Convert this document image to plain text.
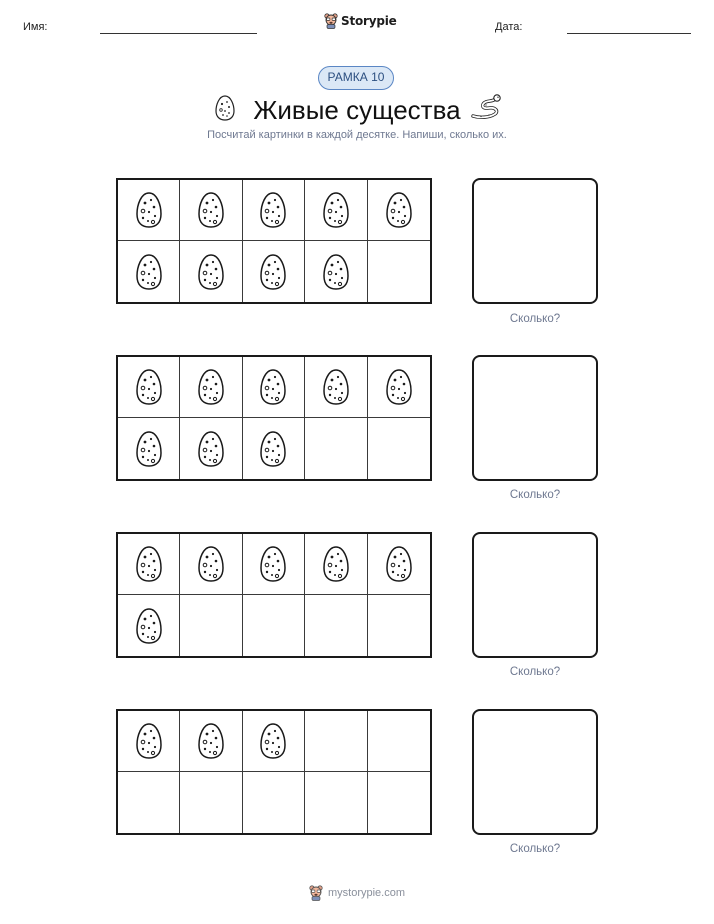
Имя:	Storypie	Дата:
РАМКА 10
Живые существа
Посчитай картинки в каждой десятке. Напиши, сколько их.
Сколько?
Сколько?
Сколько?
Сколько?
mystorypie.com
